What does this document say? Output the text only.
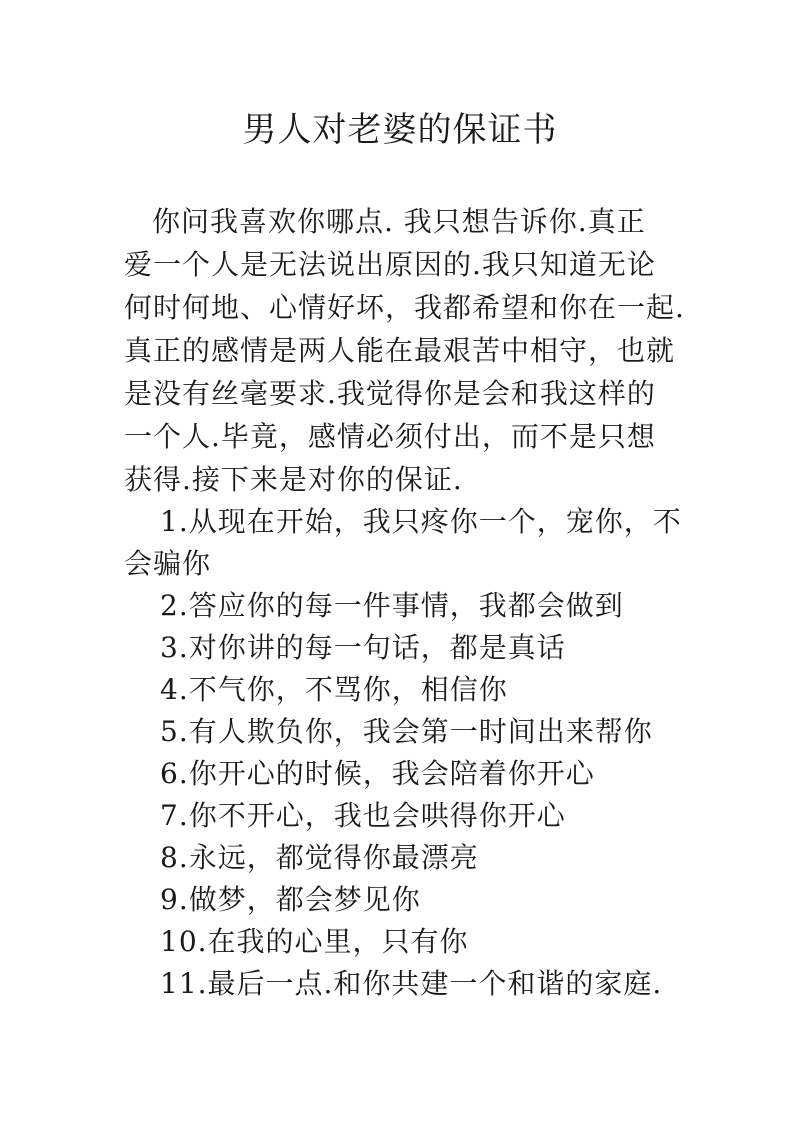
男人对老婆的保证书
你问我喜欢你哪点. 我只想告诉你.真正
爱一个人是无法说出原因的.我只知道无论
何时何地、心情好坏，我都希望和你在一起.
真正的感情是两人能在最艰苦中相守，也就
是没有丝毫要求.我觉得你是会和我这样的
一个人.毕竟，感情必须付出，而不是只想
获得.接下来是对你的保证.
1.从现在开始，我只疼你一个，宠你，不
会骗你
2.答应你的每一件事情，我都会做到
3.对你讲的每一句话，都是真话
4.不气你，不骂你，相信你
5.有人欺负你，我会第一时间出来帮你
6.你开心的时候，我会陪着你开心
7.你不开心，我也会哄得你开心
8.永远，都觉得你最漂亮
9.做梦，都会梦见你
10.在我的心里，只有你
11.最后一点.和你共建一个和谐的家庭.
